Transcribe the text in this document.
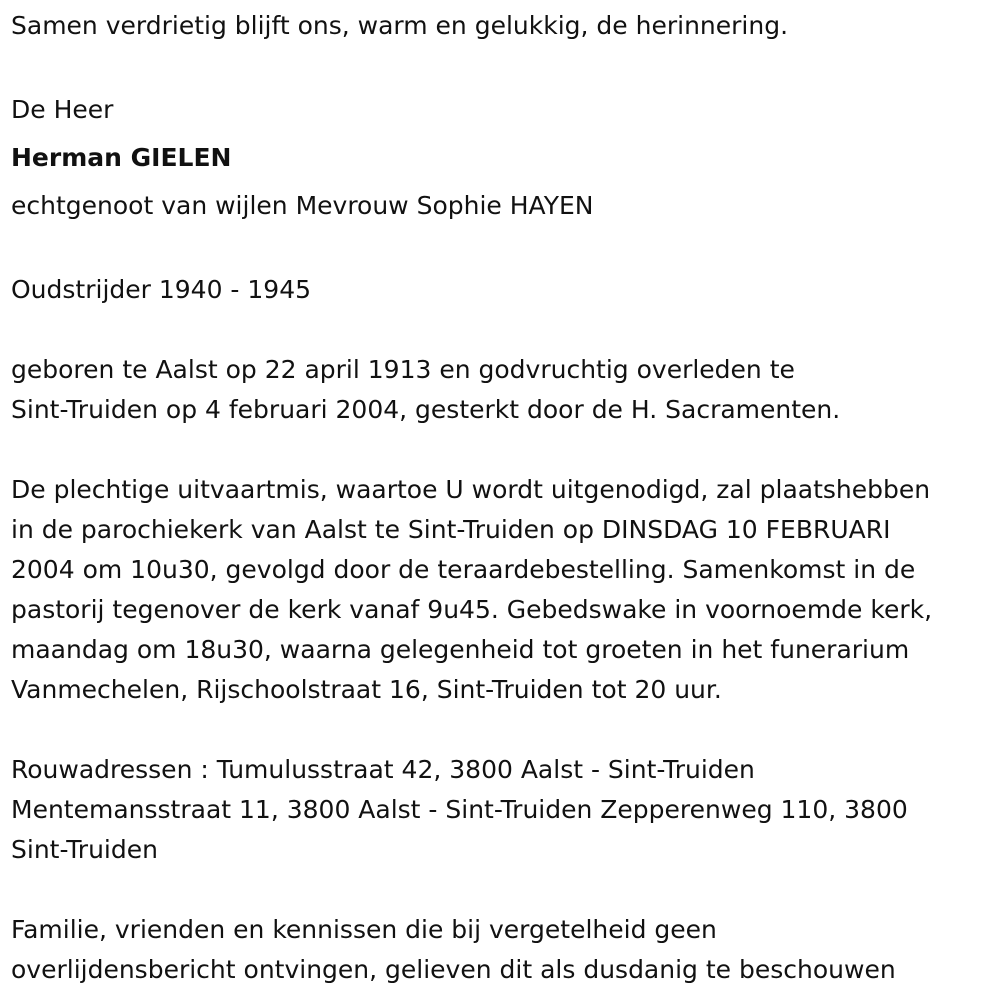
Samen verdrietig blijft ons, warm en gelukkig, de herinnering.
De Heer
Herman GIELEN
echtgenoot van wijlen Mevrouw Sophie HAYEN
Oudstrijder 1940 - 1945
geboren te Aalst op 22 april 1913 en godvruchtig overleden te
Sint-Truiden op 4 februari 2004, gesterkt door de H. Sacramenten.
De plechtige uitvaartmis, waartoe U wordt uitgenodigd, zal plaatshebben
in de parochiekerk van Aalst te Sint-Truiden op DINSDAG 10 FEBRUARI
2004 om 10u30, gevolgd door de teraardebestelling. Samenkomst in de
pastorij tegenover de kerk vanaf 9u45. Gebedswake in voornoemde kerk,
maandag om 18u30, waarna gelegenheid tot groeten in het funerarium
Vanmechelen, Rijschoolstraat 16, Sint-Truiden tot 20 uur.
Rouwadressen : Tumulusstraat 42, 3800 Aalst - Sint-Truiden
Mentemansstraat 11, 3800 Aalst - Sint-Truiden Zepperenweg 110, 3800
Sint-Truiden
Familie, vrienden en kennissen die bij vergetelheid geen
overlijdensbericht ontvingen, gelieven dit als dusdanig te beschouwen
